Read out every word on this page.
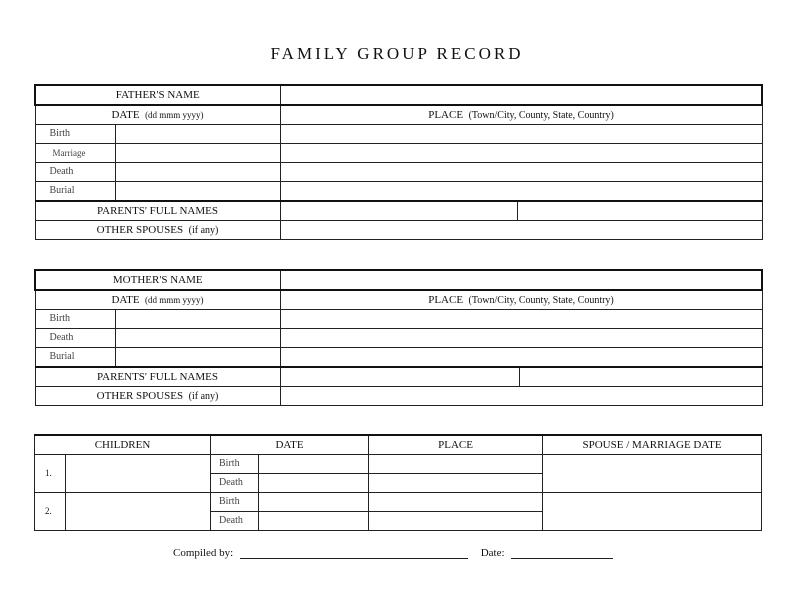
FAMILY GROUP RECORD
FATHER'S NAME			
DATE (dd mmm yyyy)		PLACE (Town/City, County, State, Country)	
Birth			
Marriage			
Death			
Burial			
PARENTS' FULL NAMES			
OTHER SPOUSES (if any)			
MOTHER'S NAME			
DATE (dd mmm yyyy)		PLACE (Town/City, County, State, Country)	
Birth			
Death			
Burial			
PARENTS' FULL NAMES			
OTHER SPOUSES (if any)			
CHILDREN		DATE		PLACE	SPOUSE / MARRIAGE DATE
1.		Birth			
		Death			
2.		Birth			
		Death			
Compiled by:	Date:
